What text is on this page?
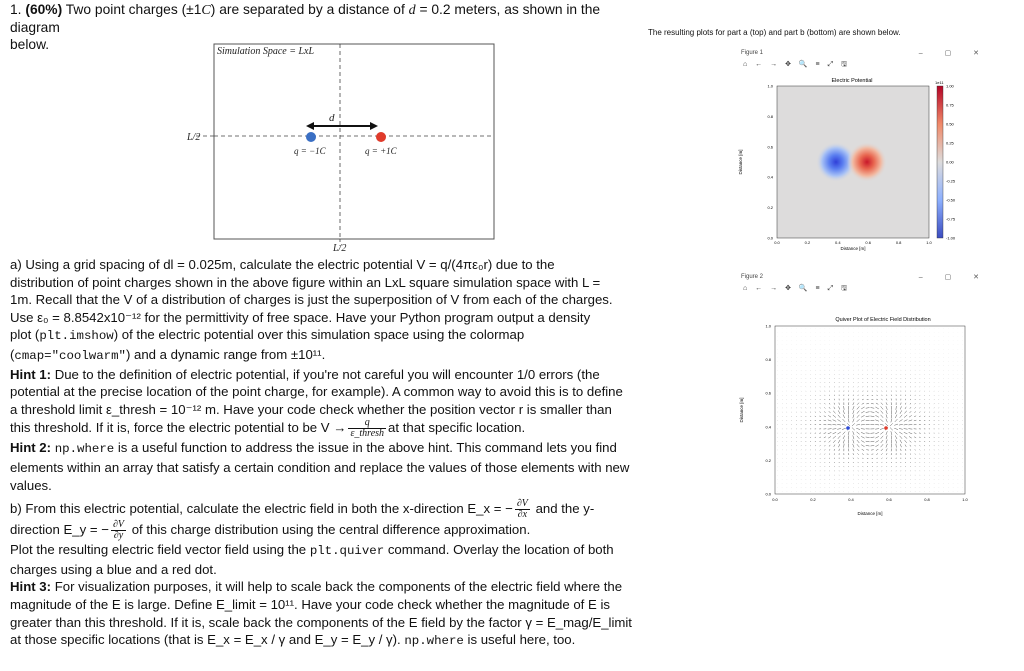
1. (60%) Two point charges (±1C) are separated by a distance of d = 0.2 meters, as shown in the diagram
below.	Simulation Space = LxL
L/2
L/2
d
q = −1C	q = +1C

a) Using a grid spacing of dl = 0.025m, calculate the electric potential V = q/(4πε₀r) due to the

distribution of point charges shown in the above figure within an LxL square simulation space with L =

1m. Recall that the V of a distribution of charges is just the superposition of V from each of the charges.

Use ε₀ = 8.8542x10⁻¹² for the permittivity of free space. Have your Python program output a density

plot (plt.imshow) of the electric potential over this simulation space using the colormap

(cmap="coolwarm") and a dynamic range from ±10¹¹.

Hint 1: Due to the definition of electric potential, if you're not careful you will encounter 1/0 errors (the

potential at the precise location of the point charge, for example). A common way to avoid this is to define

a threshold limit ε_thresh = 10⁻¹² m. Have your code check whether the position vector r is smaller than

this threshold. If it is, force the electric potential to be $V \to \frac{q}{\text{ε\_thresh}}$ at that specific location.

Hint 2: np.where is a useful function to address the issue in the above hint. This command lets you find

elements within an array that satisfy a certain condition and replace the values of those elements with new

values.

b) From this electric potential, calculate the electric field in both the x-direction E_x = − $\frac{\partial V}{\partial x}$ and the y-

direction E_y = − $\frac{\partial V}{\partial y}$ of this charge distribution using the central difference approximation.

Plot the resulting electric field vector field using the plt.quiver command. Overlay the location of both

charges using a blue and a red dot.

Hint 3: For visualization purposes, it will help to scale back the components of the electric field where the

magnitude of the E is large. Define E_limit = 10¹¹. Have your code check whether the magnitude of E is

greater than this threshold. If it is, scale back the components of the E field by the factor γ = E_mag/E_limit

at those specific locations (that is E_x = E_x / γ and E_y = E_y / γ). np.where is useful here, too.

The resulting plots for part a (top) and part b (bottom) are shown below.
Figure 1	– ▢ ✕
⌂ ← → ✥ 🔍 ≡ ⤢ 🖫
Electric Potential
Distance [m]
Distance [m]
0.0	0.2	0.4	0.6	0.8	1.0
0.0
0.2
0.4
0.6
0.8
1.0
1e11
1.00
0.75
0.50
0.25
0.00
-0.25
-0.50
-0.75
-1.00
Figure 2	– ▢ ✕
⌂ ← → ✥ 🔍 ≡ ⤢ 🖫
Quiver Plot of Electric Field Distribution
Distance [m]
Distance [m]
0.0	0.2	0.4	0.6	0.8	1.0
0.0
0.2
0.4
0.6
0.8
1.0
